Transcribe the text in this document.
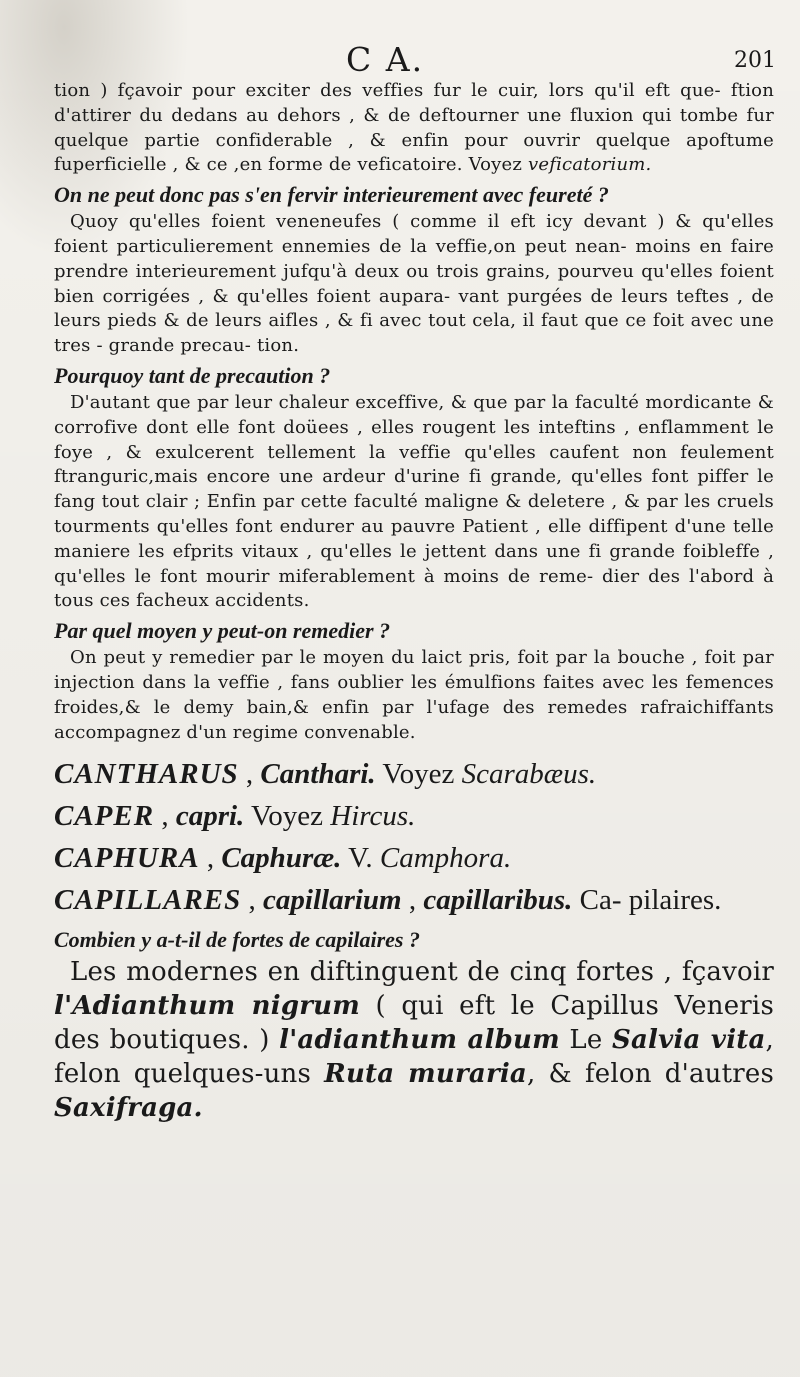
C A.	201

tion ) fçavoir pour exciter des veffies fur le cuir, lors qu'il eft que- ftion d'attirer du dedans au dehors , & de deftourner une fluxion qui tombe fur quelque partie confiderable , & enfin pour ouvrir quelque apoftume fuperficielle , & ce ,en forme de veficatoire. Voyez veficatorium.

On ne peut donc pas s'en fervir interieurement avec feureté ?

Quoy qu'elles foient veneneufes ( comme il eft icy devant ) & qu'elles foient particulierement ennemies de la veffie,on peut nean- moins en faire prendre interieurement jufqu'à deux ou trois grains, pourveu qu'elles foient bien corrigées , & qu'elles foient aupara- vant purgées de leurs teftes , de leurs pieds & de leurs aifles , & fi avec tout cela, il faut que ce foit avec une tres - grande precau- tion.

Pourquoy tant de precaution ?

D'autant que par leur chaleur exceffive, & que par la faculté mordicante & corrofive dont elle font doüees , elles rougent les inteftins , enflamment le foye , & exulcerent tellement la veffie qu'elles caufent non feulement ftranguric,mais encore une ardeur d'urine fi grande, qu'elles font piffer le fang tout clair ; Enfin par cette faculté maligne & deletere , & par les cruels tourments qu'elles font endurer au pauvre Patient , elle diffipent d'une telle maniere les efprits vitaux , qu'elles le jettent dans une fi grande foibleffe , qu'elles le font mourir miferablement à moins de reme- dier des l'abord à tous ces facheux accidents.

Par quel moyen y peut-on remedier ?

On peut y remedier par le moyen du laict pris, foit par la bouche , foit par injection dans la veffie , fans oublier les émulfions faites avec les femences froides,& le demy bain,& enfin par l'ufage des remedes rafraichiffants accompagnez d'un regime convenable.

CANTHARUS , Canthari. Voyez Scarabæus.

CAPER , capri. Voyez Hircus.

CAPHURA , Caphuræ. V. Camphora.

CAPILLARES , capillarium , capillaribus. Ca- pilaires.

Combien y a-t-il de fortes de capilaires ?

Les modernes en diftinguent de cinq fortes , fçavoir l'Adianthum nigrum ( qui eft le Capillus Veneris des boutiques. ) l'adianthum album Le Salvia vita, felon quelques-uns Ruta muraria, & felon d'autres Saxifraga.
